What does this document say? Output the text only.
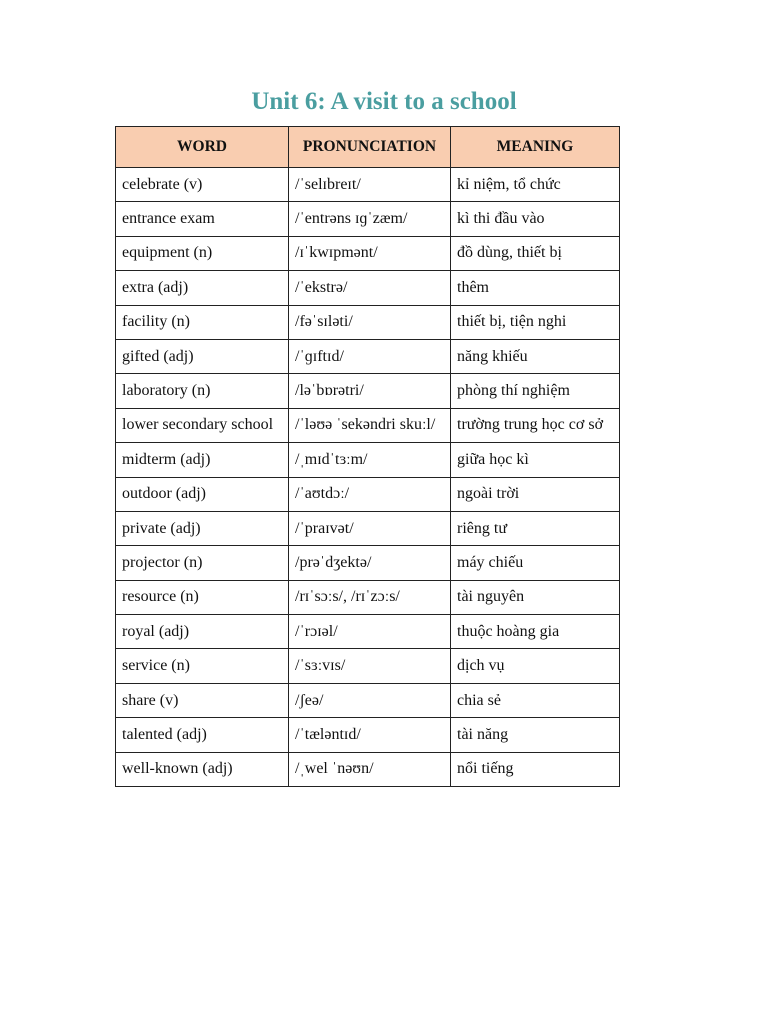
Unit 6: A visit to a school
WORD	PRONUNCIATION	MEANING
celebrate (v)	/ˈselɪbreɪt/	kỉ niệm, tổ chức
entrance exam	/ˈentrəns ɪɡˈzæm/	kì thi đầu vào
equipment (n)	/ɪˈkwɪpmənt/	đồ dùng, thiết bị
extra (adj)	/ˈekstrə/	thêm
facility (n)	/fəˈsɪləti/	thiết bị, tiện nghi
gifted (adj)	/ˈɡɪftɪd/	năng khiếu
laboratory (n)	/ləˈbɒrətri/	phòng thí nghiệm
lower secondary school	/ˈləʊə ˈsekəndri skuːl/	trường trung học cơ sở
midterm (adj)	/ˌmɪdˈtɜːm/	giữa học kì
outdoor (adj)	/ˈaʊtdɔː/	ngoài trời
private (adj)	/ˈpraɪvət/	riêng tư
projector (n)	/prəˈdʒektə/	máy chiếu
resource (n)	/rɪˈsɔːs/, /rɪˈzɔːs/	tài nguyên
royal (adj)	/ˈrɔɪəl/	thuộc hoàng gia
service (n)	/ˈsɜːvɪs/	dịch vụ
share (v)	/ʃeə/	chia sẻ
talented (adj)	/ˈtæləntɪd/	tài năng
well-known (adj)	/ˌwel ˈnəʊn/	nổi tiếng
